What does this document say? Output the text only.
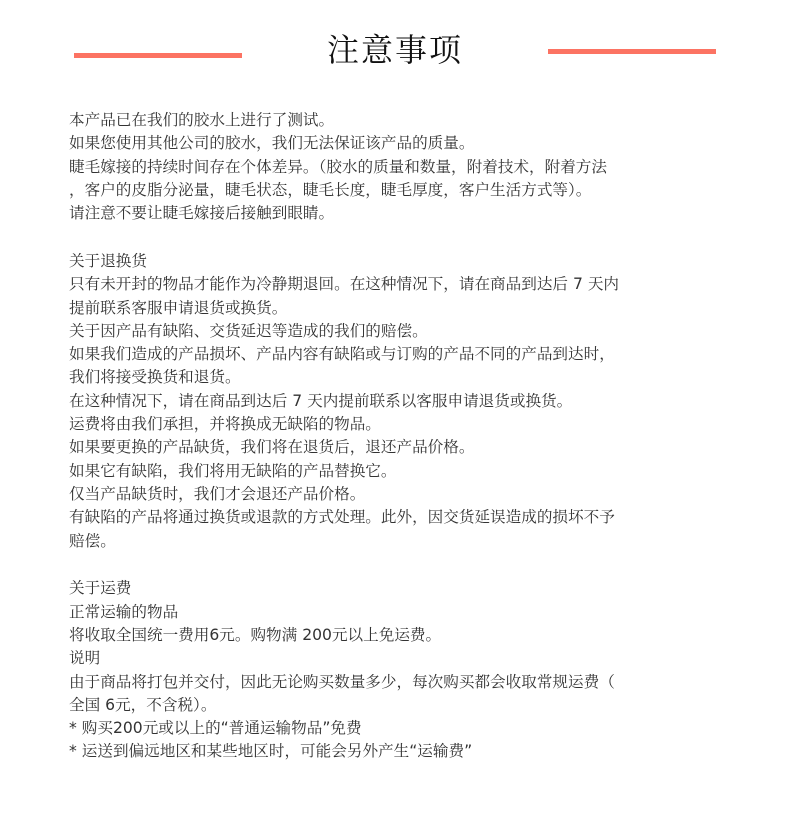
注意事项
本产品已在我们的胶水上进行了测试。
如果您使用其他公司的胶水，我们无法保证该产品的质量。
睫毛嫁接的持续时间存在个体差异。（胶水的质量和数量，附着技术，附着方法
，客户的皮脂分泌量，睫毛状态，睫毛长度，睫毛厚度，客户生活方式等）。
请注意不要让睫毛嫁接后接触到眼睛。
关于退换货
只有未开封的物品才能作为冷静期退回。在这种情况下，请在商品到达后 7 天内
提前联系客服申请退货或换货。
关于因产品有缺陷、交货延迟等造成的我们的赔偿。
如果我们造成的产品损坏、产品内容有缺陷或与订购的产品不同的产品到达时，
我们将接受换货和退货。
在这种情况下，请在商品到达后 7 天内提前联系以客服申请退货或换货。
运费将由我们承担，并将换成无缺陷的物品。
如果要更换的产品缺货，我们将在退货后，退还产品价格。
如果它有缺陷，我们将用无缺陷的产品替换它。
仅当产品缺货时，我们才会退还产品价格。
有缺陷的产品将通过换货或退款的方式处理。此外，因交货延误造成的损坏不予
赔偿。
关于运费
正常运输的物品
将收取全国统一费用6元。购物满 200元以上免运费。
说明
由于商品将打包并交付，因此无论购买数量多少，每次购买都会收取常规运费（
全国 6元，不含税）。
* 购买200元或以上的“普通运输物品”免费
* 运送到偏远地区和某些地区时，可能会另外产生“运输费”
